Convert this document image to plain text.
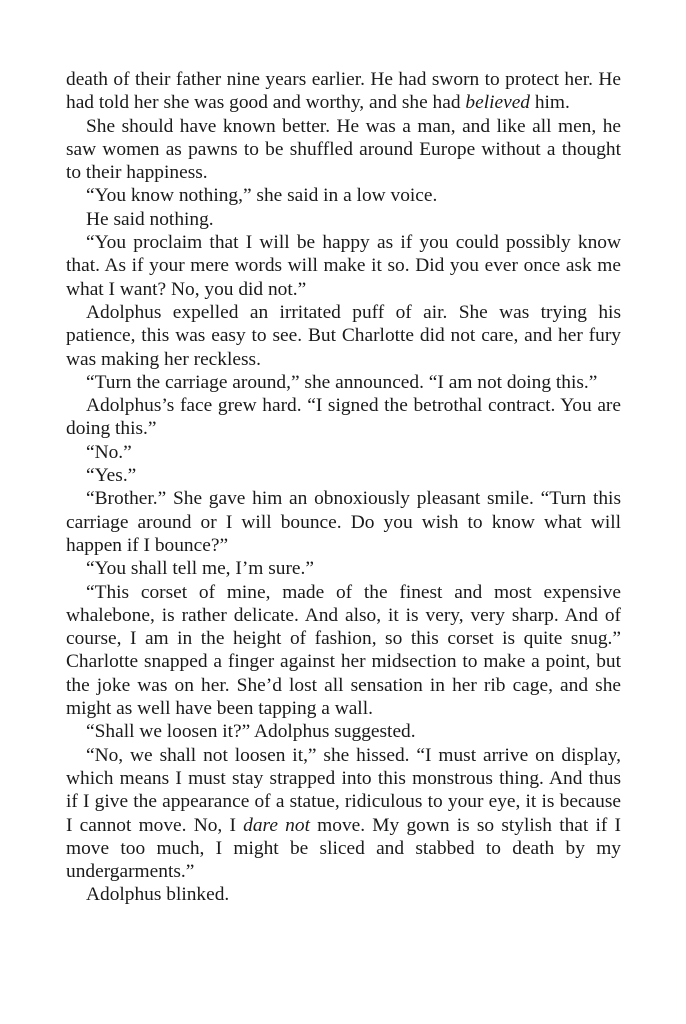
death of their father nine years earlier. He had sworn to protect her. He had told her she was good and worthy, and she had believed him.

She should have known better. He was a man, and like all men, he saw women as pawns to be shuffled around Europe without a thought to their happiness.

“You know nothing,” she said in a low voice.

He said nothing.

“You proclaim that I will be happy as if you could possibly know that. As if your mere words will make it so. Did you ever once ask me what I want? No, you did not.”

Adolphus expelled an irritated puff of air. She was trying his patience, this was easy to see. But Charlotte did not care, and her fury was making her reckless.

“Turn the carriage around,” she announced. “I am not doing this.”

Adolphus’s face grew hard. “I signed the betrothal contract. You are doing this.”

“No.”

“Yes.”

“Brother.” She gave him an obnoxiously pleasant smile. “Turn this carriage around or I will bounce. Do you wish to know what will happen if I bounce?”

“You shall tell me, I’m sure.”

“This corset of mine, made of the finest and most expensive whalebone, is rather delicate. And also, it is very, very sharp. And of course, I am in the height of fashion, so this corset is quite snug.” Charlotte snapped a finger against her midsection to make a point, but the joke was on her. She’d lost all sensation in her rib cage, and she might as well have been tapping a wall.

“Shall we loosen it?” Adolphus suggested.

“No, we shall not loosen it,” she hissed. “I must arrive on display, which means I must stay strapped into this monstrous thing. And thus if I give the appearance of a statue, ridiculous to your eye, it is because I cannot move. No, I dare not move. My gown is so stylish that if I move too much, I might be sliced and stabbed to death by my undergarments.”

Adolphus blinked.
